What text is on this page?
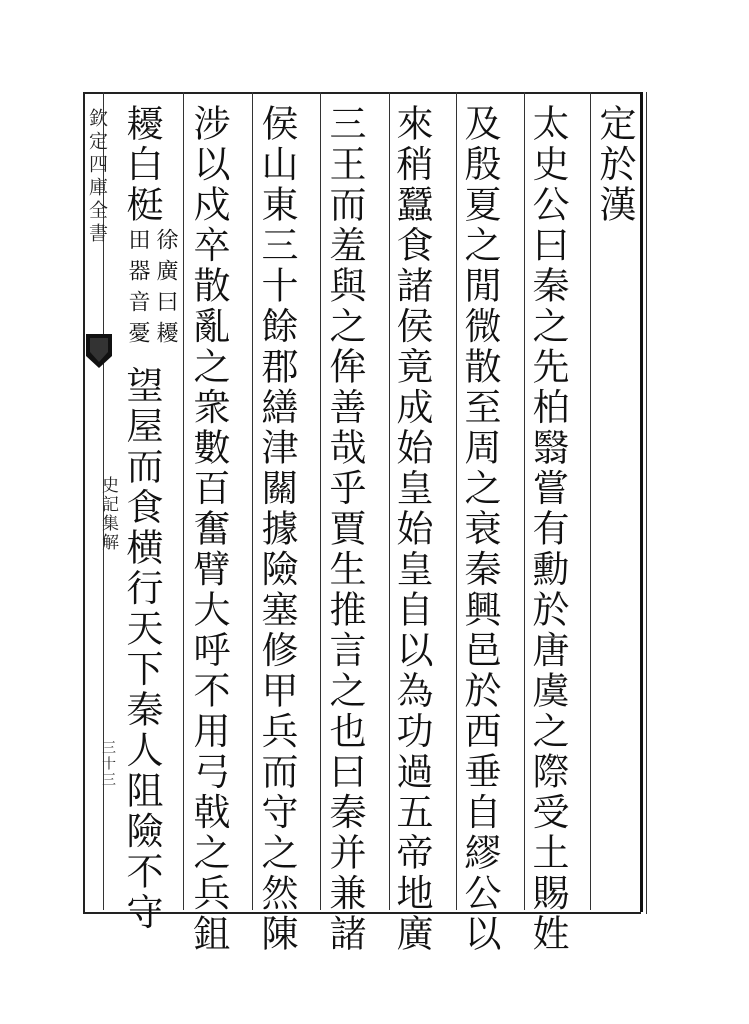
欽定四庫全書
史記集解
三十三
定於漢
太史公曰秦之先柏翳嘗有勳於唐虞之際受土賜姓
及殷夏之閒微散至周之衰秦興邑於西垂自繆公以
來稍蠶食諸侯竟成始皇始皇自以為功過五帝地廣
三王而羞與之侔善哉乎賈生推言之也曰秦并兼諸
侯山東三十餘郡繕津關據險塞修甲兵而守之然陳
涉以戍卒散亂之衆數百奮臂大呼不用弓戟之兵鉏
耰白梃
徐廣曰耰
田器音憂
望屋而食横行天下秦人阻險不守
